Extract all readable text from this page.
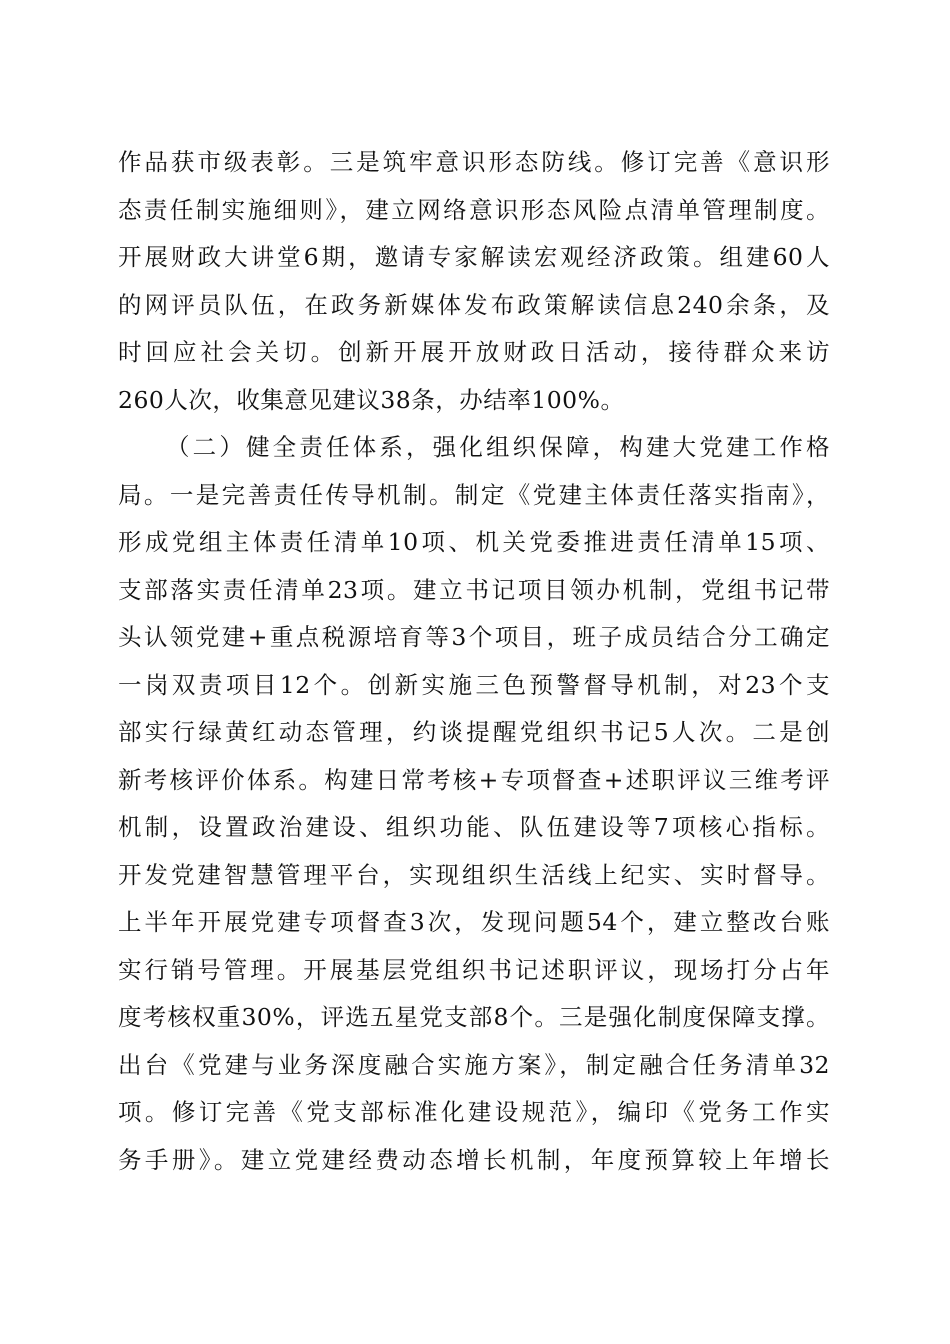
作品获市级表彰。三是筑牢意识形态防线。修订完善《意识形
态责任制实施细则》，建立网络意识形态风险点清单管理制度。
开展财政大讲堂6期，邀请专家解读宏观经济政策。组建60人
的网评员队伍，在政务新媒体发布政策解读信息240余条，及
时回应社会关切。创新开展开放财政日活动，接待群众来访
260人次，收集意见建议38条，办结率100%。
（二）健全责任体系，强化组织保障，构建大党建工作格
局。一是完善责任传导机制。制定《党建主体责任落实指南》，
形成党组主体责任清单10项、机关党委推进责任清单15项、
支部落实责任清单23项。建立书记项目领办机制，党组书记带
头认领党建+重点税源培育等3个项目，班子成员结合分工确定
一岗双责项目12个。创新实施三色预警督导机制，对23个支
部实行绿黄红动态管理，约谈提醒党组织书记5人次。二是创
新考核评价体系。构建日常考核+专项督查+述职评议三维考评
机制，设置政治建设、组织功能、队伍建设等7项核心指标。
开发党建智慧管理平台，实现组织生活线上纪实、实时督导。
上半年开展党建专项督查3次，发现问题54个，建立整改台账
实行销号管理。开展基层党组织书记述职评议，现场打分占年
度考核权重30%，评选五星党支部8个。三是强化制度保障支撑。
出台《党建与业务深度融合实施方案》，制定融合任务清单32
项。修订完善《党支部标准化建设规范》，编印《党务工作实
务手册》。建立党建经费动态增长机制，年度预算较上年增长
